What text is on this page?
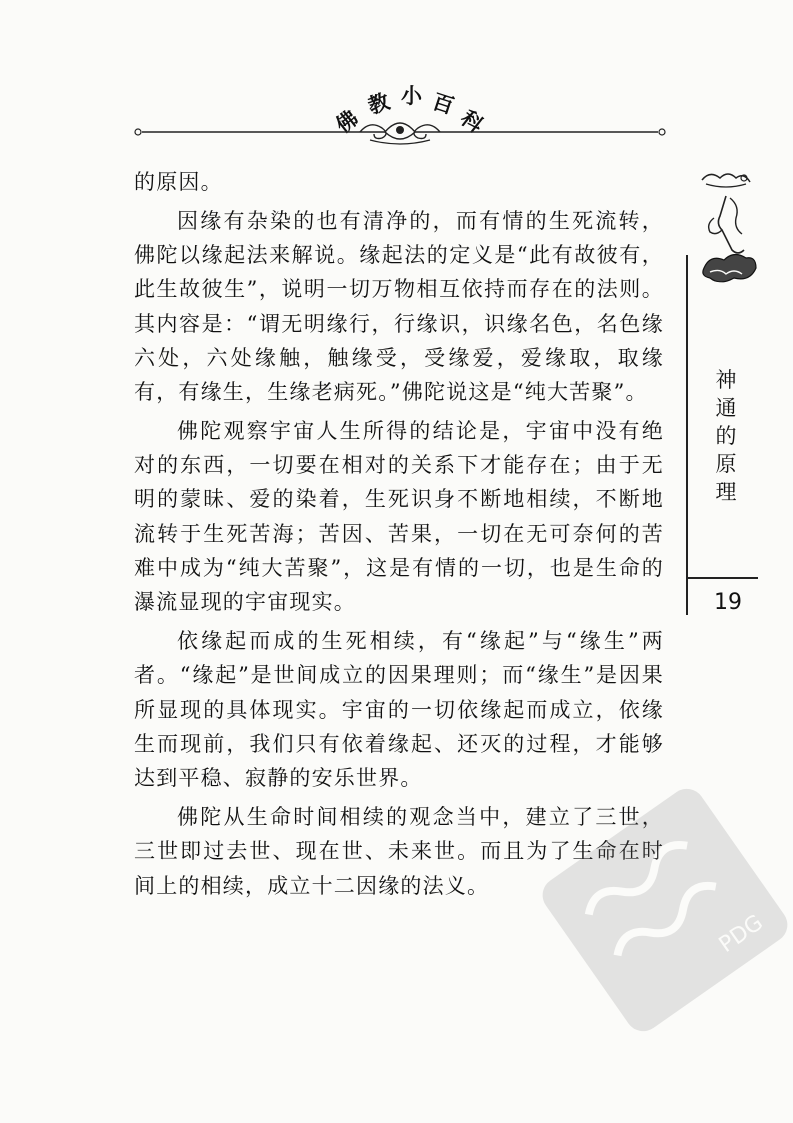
佛
教 小 百
科

的原因。

因缘有杂染的也有清净的，而有情的生死流转，佛陀以缘起法来解说。缘起法的定义是“此有故彼有，此生故彼生”，说明一切万物相互依持而存在的法则。其内容是：“谓无明缘行，行缘识，识缘名色，名色缘六处，六处缘触，触缘受，受缘爱，爱缘取，取缘有，有缘生，生缘老病死。”佛陀说这是“纯大苦聚”。

佛陀观察宇宙人生所得的结论是，宇宙中没有绝对的东西，一切要在相对的关系下才能存在；由于无明的蒙昧、爱的染着，生死识身不断地相续，不断地流转于生死苦海；苦因、苦果，一切在无可奈何的苦难中成为“纯大苦聚”，这是有情的一切，也是生命的瀑流显现的宇宙现实。

依缘起而成的生死相续，有“缘起”与“缘生”两者。“缘起”是世间成立的因果理则；而“缘生”是因果所显现的具体现实。宇宙的一切依缘起而成立，依缘生而现前，我们只有依着缘起、还灭的过程，才能够达到平稳、寂静的安乐世界。

佛陀从生命时间相续的观念当中，建立了三世，三世即过去世、现在世、未来世。而且为了生命在时间上的相续，成立十二因缘的法义。

神
通
的
原
理
19
PDG
